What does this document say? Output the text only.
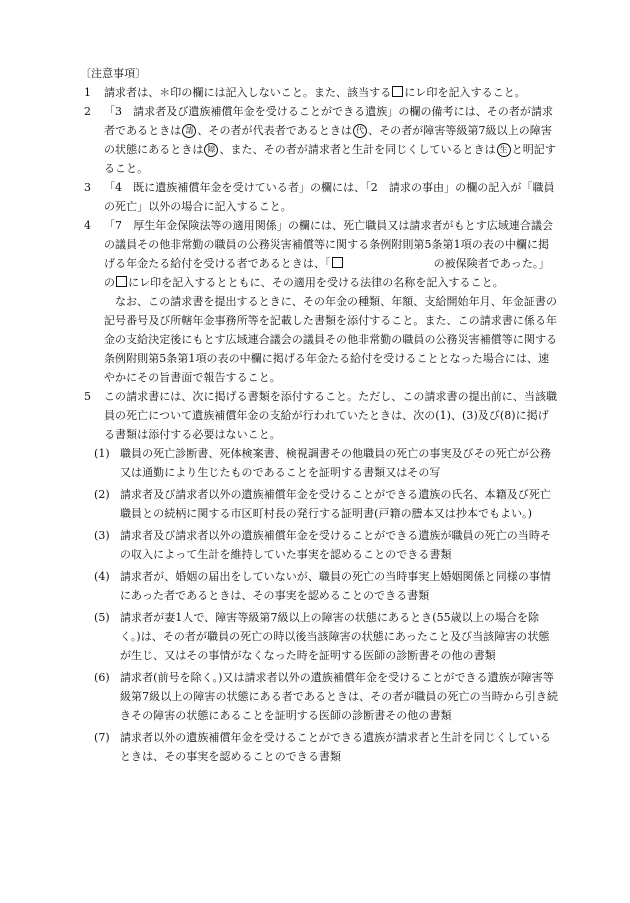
〔注意事項〕
1 請求者は、＊印の欄には記入しないこと。また、該当する にレ印を記入すること。
2 「3　請求者及び遺族補償年金を受けることができる遺族」の欄の備考には、その者が請求者であるときは 請 、その者が代表者であるときは 代 、その者が障害等級第7級以上の障害の状態にあるときは 障 、また、その者が請求者と生計を同じくしているときは 生 と明記すること。
3 「4　既に遺族補償年金を受けている者」の欄には、「2　請求の事由」の欄の記入が「職員の死亡」以外の場合に記入すること。
4 「7　厚生年金保険法等の適用関係」の欄には、死亡職員又は請求者がもとす広域連合議会の議員その他非常勤の職員の公務災害補償等に関する条例附則第5条第1項の表の中欄に掲げる年金たる給付を受ける者であるときは、「	の被保険者であった。」の にレ印を記入するとともに、その適用を受ける法律の名称を記入すること。
なお、この請求書を提出するときに、その年金の種類、年額、支給開始年月、年金証書の記号番号及び所轄年金事務所等を記載した書類を添付すること。また、この請求書に係る年金の支給決定後にもとす広域連合議会の議員その他非常勤の職員の公務災害補償等に関する条例附則第5条第1項の表の中欄に掲げる年金たる給付を受けることとなった場合には、速やかにその旨書面で報告すること。
5 この請求書には、次に掲げる書類を添付すること。ただし、この請求書の提出前に、当該職員の死亡について遺族補償年金の支給が行われていたときは、次の(1)、(3)及び(8)に掲げる書類は添付する必要はないこと。
(1) 職員の死亡診断書、死体検案書、検視調書その他職員の死亡の事実及びその死亡が公務又は通勤により生じたものであることを証明する書類又はその写
(2) 請求者及び請求者以外の遺族補償年金を受けることができる遺族の氏名、本籍及び死亡職員との続柄に関する市区町村長の発行する証明書(戸籍の謄本又は抄本でもよい。)
(3) 請求者及び請求者以外の遺族補償年金を受けることができる遺族が職員の死亡の当時その収入によって生計を維持していた事実を認めることのできる書類
(4) 請求者が、婚姻の届出をしていないが、職員の死亡の当時事実上婚姻関係と同様の事情にあった者であるときは、その事実を認めることのできる書類
(5) 請求者が妻1人で、障害等級第7級以上の障害の状態にあるとき(55歳以上の場合を除く。)は、その者が職員の死亡の時以後当該障害の状態にあったこと及び当該障害の状態が生じ、又はその事情がなくなった時を証明する医師の診断書その他の書類
(6) 請求者(前号を除く。)又は請求者以外の遺族補償年金を受けることができる遺族が障害等級第7級以上の障害の状態にある者であるときは、その者が職員の死亡の当時から引き続きその障害の状態にあることを証明する医師の診断書その他の書類
(7) 請求者以外の遺族補償年金を受けることができる遺族が請求者と生計を同じくしているときは、その事実を認めることのできる書類
